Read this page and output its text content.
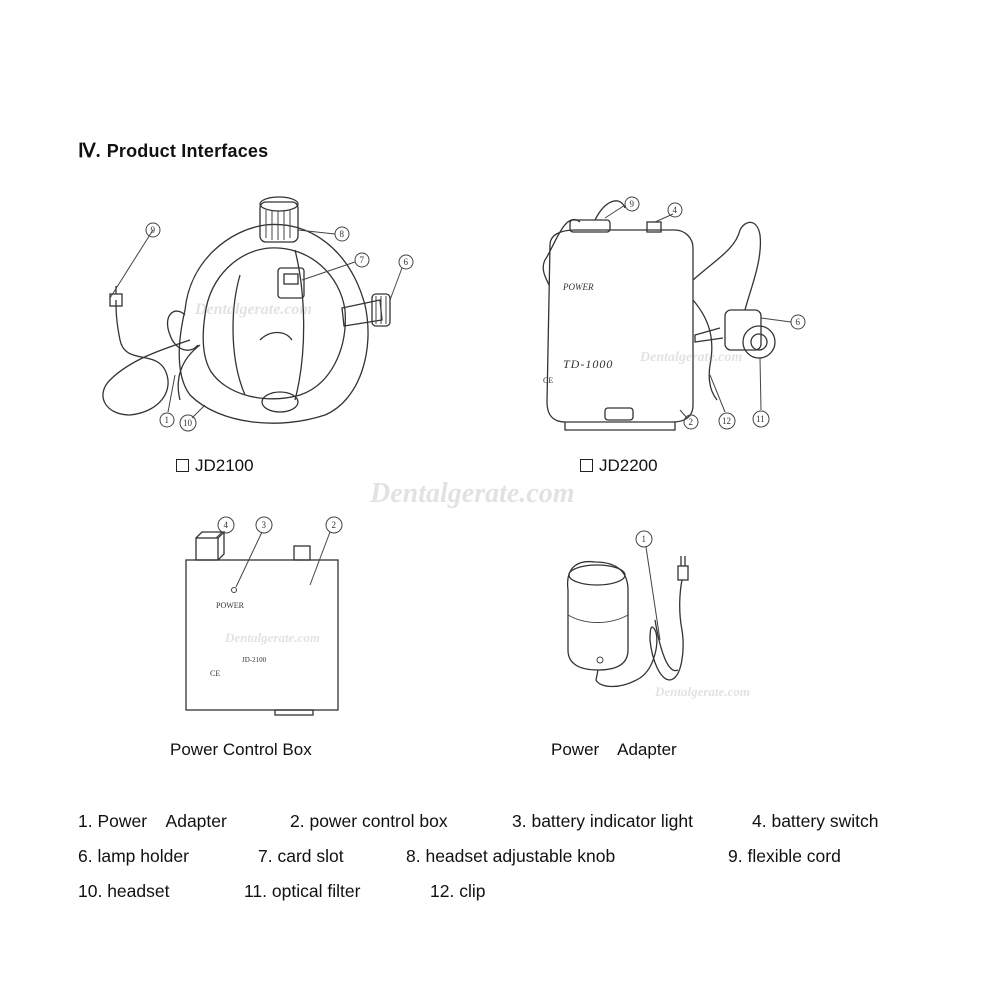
Ⅳ. Product Interfaces
9	8
7	6
1 10
JD2100
POWER
TD-1000
CE
9
4
6
2	12	11
JD2200
POWER
JD-2100
CE
4	3	2
Power Control Box
1
Power    Adapter
Dentalgerate.com
Dentalgerate.com
Dentalgerate.com
Dentalgerate.com
Dentalgerate.com
1. Power    Adapter	2. power control box	3. battery indicator light	4. battery switch
6. lamp holder	7. card slot	8. headset adjustable knob	9. flexible cord
10. headset	11. optical filter	12. clip
